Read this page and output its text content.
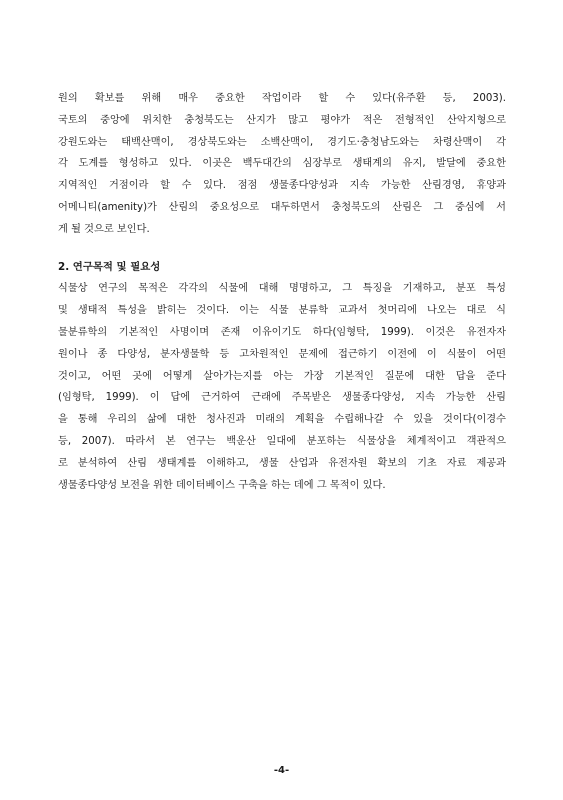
원의 확보를 위해 매우 중요한 작업이라 할 수 있다(유주환 등, 2003).
국토의 중앙에 위치한 충청북도는 산지가 많고 평야가 적은 전형적인 산악지형으로
강원도와는 태백산맥이, 경상북도와는 소백산맥이, 경기도·충청남도와는 차령산맥이 각
각 도계를 형성하고 있다. 이곳은 백두대간의 심장부로 생태계의 유지, 발달에 중요한
지역적인 거점이라 할 수 있다. 점점 생물종다양성과 지속 가능한 산림경영, 휴양과
어메니티(amenity)가 산림의 중요성으로 대두하면서 충청북도의 산림은 그 중심에 서
게 될 것으로 보인다.
2. 연구목적 및 필요성
식물상 연구의 목적은 각각의 식물에 대해 명명하고, 그 특징을 기재하고, 분포 특성
및 생태적 특성을 밝히는 것이다. 이는 식물 분류학 교과서 첫머리에 나오는 대로 식
물분류학의 기본적인 사명이며 존재 이유이기도 하다(임형탁, 1999). 이것은 유전자자
원이나 종 다양성, 분자생물학 등 고차원적인 문제에 접근하기 이전에 이 식물이 어떤
것이고, 어떤 곳에 어떻게 살아가는지를 아는 가장 기본적인 질문에 대한 답을 준다
(임형탁, 1999). 이 답에 근거하여 근래에 주목받은 생물종다양성, 지속 가능한 산림
을 통해 우리의 삶에 대한 청사진과 미래의 계획을 수립해나갈 수 있을 것이다(이경수
등, 2007). 따라서 본 연구는 백운산 일대에 분포하는 식물상을 체계적이고 객관적으
로 분석하여 산림 생태계를 이해하고, 생물 산업과 유전자원 확보의 기초 자료 제공과
생물종다양성 보전을 위한 데이터베이스 구축을 하는 데에 그 목적이 있다.
-4-
